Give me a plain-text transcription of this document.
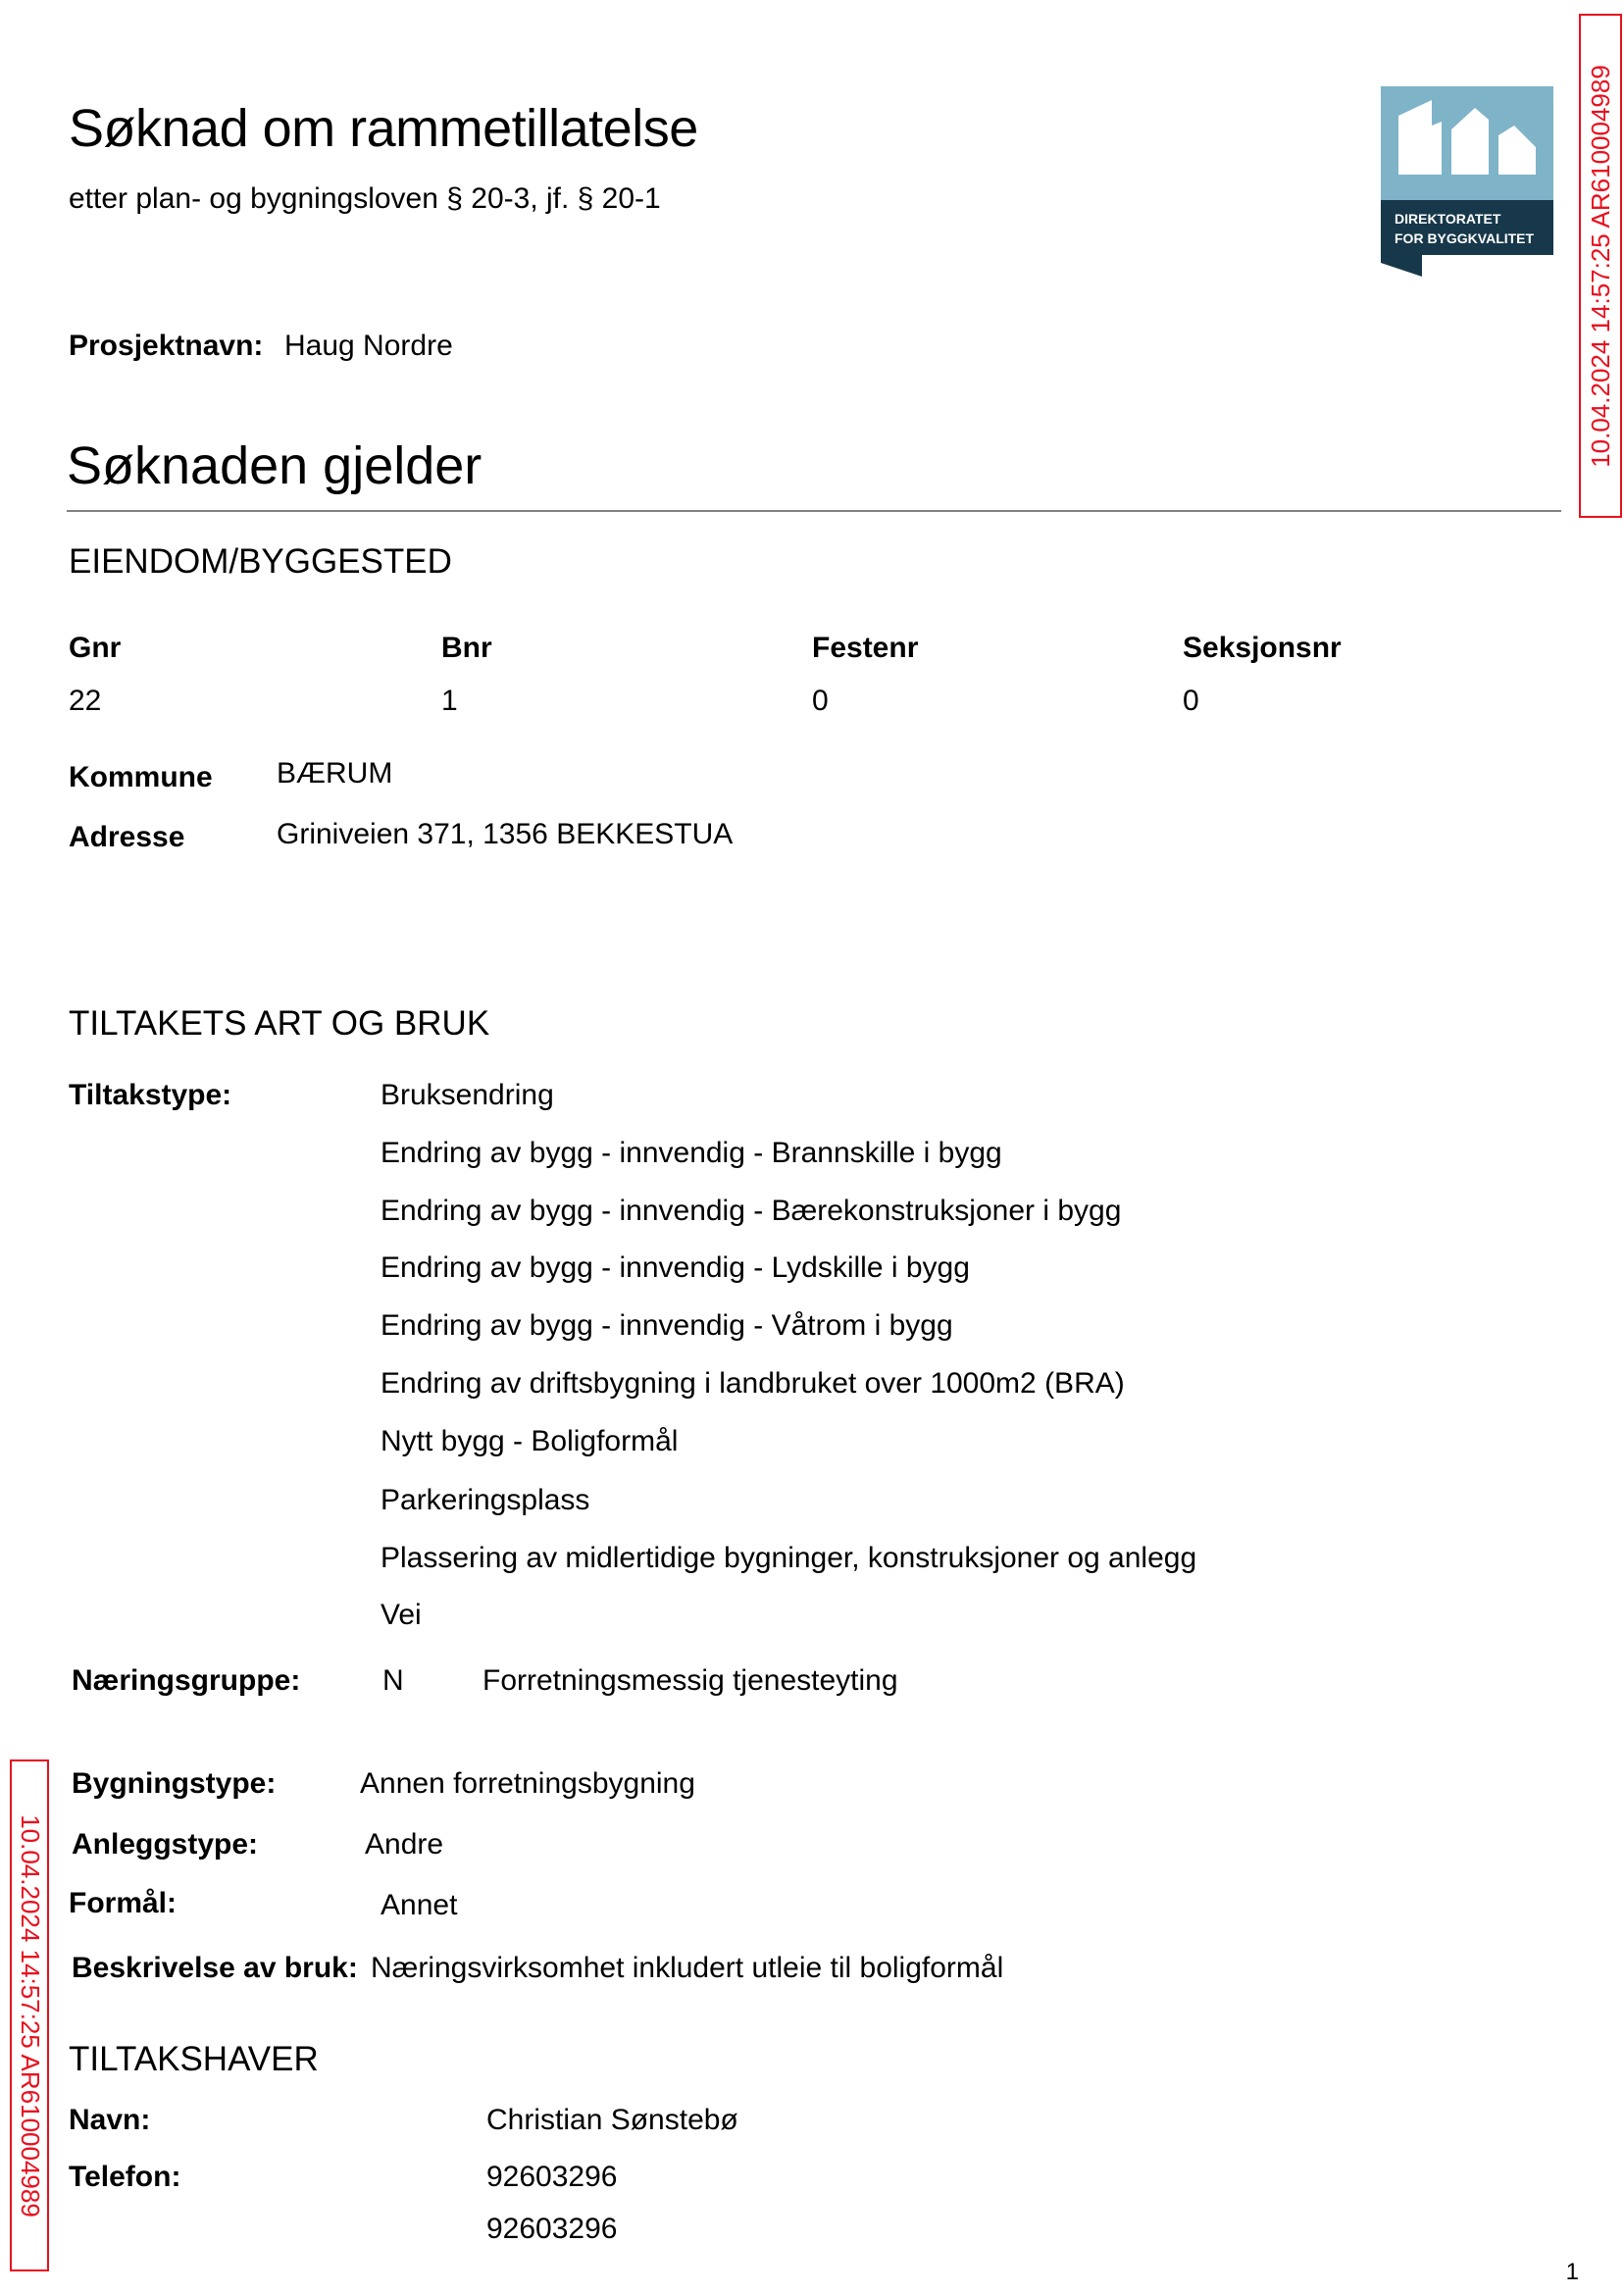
Søknad om rammetillatelse
etter plan- og bygningsloven § 20-3, jf. § 20-1
DIREKTORATET
FOR BYGGKVALITET 10.04.2024 14:57:25 AR610004989
Prosjektnavn: Haug Nordre
Søknaden gjelder
EIENDOM/BYGGESTED
Gnr	Bnr	Festenr	Seksjonsnr
22	1	0	0
Kommune BÆRUM
Adresse	Griniveien 371, 1356 BEKKESTUA
TILTAKETS ART OG BRUK
Tiltakstype:	Bruksendring
Endring av bygg - innvendig - Brannskille i bygg
Endring av bygg - innvendig - Bærekonstruksjoner i bygg
Endring av bygg - innvendig - Lydskille i bygg
Endring av bygg - innvendig - Våtrom i bygg
Endring av driftsbygning i landbruket over 1000m2 (BRA)
Nytt bygg - Boligformål
Parkeringsplass
Plassering av midlertidige bygninger, konstruksjoner og anlegg
Vei
Næringsgruppe:	N	Forretningsmessig tjenesteyting
10.04.2024 14:57:25 AR610004989
Bygningstype:	Annen forretningsbygning
Anleggstype:	Andre
Formål:	Annet
Beskrivelse av bruk: Næringsvirksomhet inkludert utleie til boligformål
TILTAKSHAVER
Navn:	Christian Sønstebø
Telefon:	92603296
92603296
1
